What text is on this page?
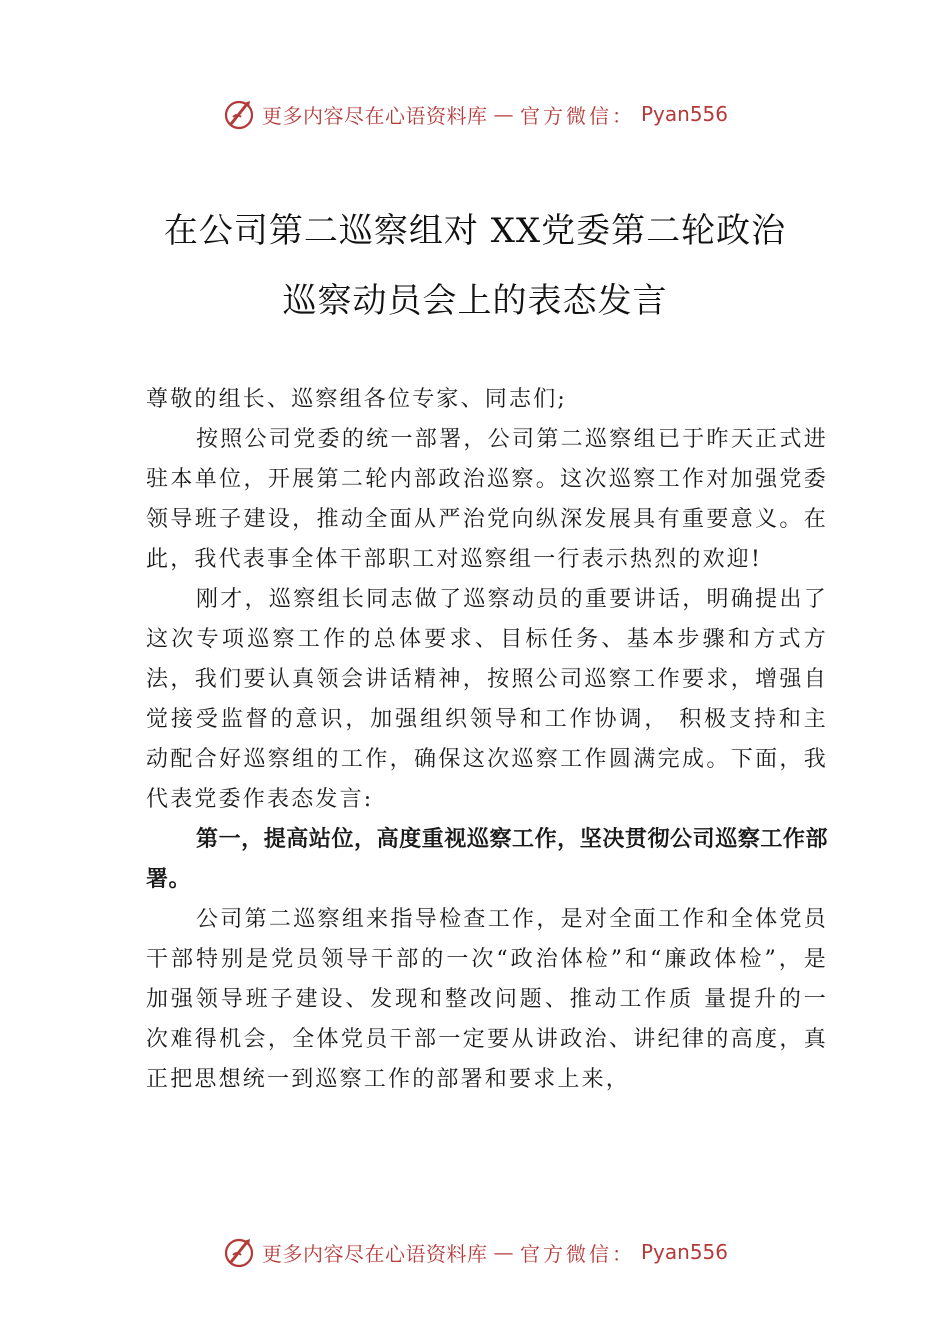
更多内容尽在心语资料库 — 官方微信： Pyan556
在公司第二巡察组对 XX党委第二轮政治
巡察动员会上的表态发言

尊敬的组长、巡察组各位专家、同志们;

按照公司党委的统一部署，公司第二巡察组已于昨天正式进驻本单位，开展第二轮内部政治巡察。这次巡察工作对加强党委领导班子建设，推动全面从严治党向纵深发展具有重要意义。在此，我代表事全体干部职工对巡察组一行表示热烈的欢迎!

刚才，巡察组长同志做了巡察动员的重要讲话，明确提出了这次专项巡察工作的总体要求、目标任务、基本步骤和方式方法，我们要认真领会讲话精神，按照公司巡察工作要求，增强自觉接受监督的意识，加强组织领导和工作协调， 积极支持和主动配合好巡察组的工作，确保这次巡察工作圆满完成。下面，我代表党委作表态发言:

第一，提高站位，高度重视巡察工作，坚决贯彻公司巡察工作部署。

公司第二巡察组来指导检查工作，是对全面工作和全体党员干部特别是党员领导干部的一次“政治体检”和“廉政体检”，是加强领导班子建设、发现和整改问题、推动工作质 量提升的一次难得机会，全体党员干部一定要从讲政治、讲纪律的高度，真正把思想统一到巡察工作的部署和要求上来，

更多内容尽在心语资料库 — 官方微信： Pyan556
